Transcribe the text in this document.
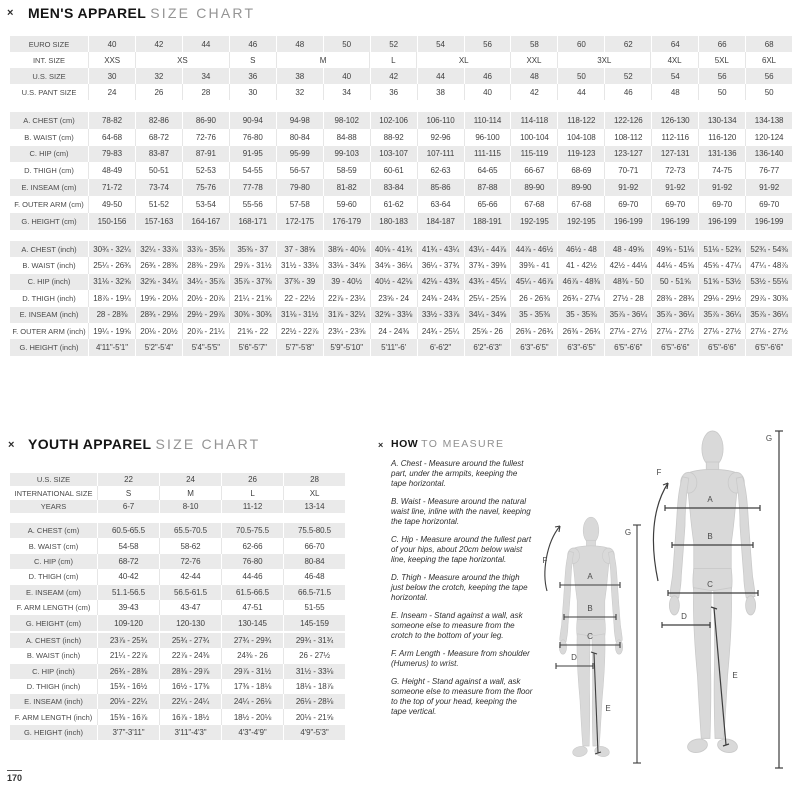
× MEN'S APPAREL SIZE CHART
EURO SIZE	40	42	44	46	48	50	52	54	56	58	60	62	64	66	68
INT. SIZE	XXS	XS	S	M	L	XL	XXL	3XL	4XL	5XL	6XL
U.S. SIZE	30	32	34	36	38	40	42	44	46	48	50	52	54	56	56
U.S. PANT SIZE	24	26	28	30	32	34	36	38	40	42	44	46	48	50	50
A. CHEST (cm)	78-82	82-86	86-90	90-94	94-98	98-102	102-106	106-110	110-114	114-118	118-122	122-126	126-130	130-134	134-138
B. WAIST (cm)	64-68	68-72	72-76	76-80	80-84	84-88	88-92	92-96	96-100	100-104	104-108	108-112	112-116	116-120	120-124
C. HIP (cm)	79-83	83-87	87-91	91-95	95-99	99-103	103-107	107-111	111-115	115-119	119-123	123-127	127-131	131-136	136-140
D. THIGH (cm)	48-49	50-51	52-53	54-55	56-57	58-59	60-61	62-63	64-65	66-67	68-69	70-71	72-73	74-75	76-77
E. INSEAM (cm)	71-72	73-74	75-76	77-78	79-80	81-82	83-84	85-86	87-88	89-90	89-90	91-92	91-92	91-92	91-92
F. OUTER ARM (cm)	49-50	51-52	53-54	55-56	57-58	59-60	61-62	63-64	65-66	67-68	67-68	69-70	69-70	69-70	69-70
G. HEIGHT (cm)	150-156	157-163	164-167	168-171	172-175	176-179	180-183	184-187	188-191	192-195	192-195	196-199	196-199	196-199	196-199
A. CHEST (inch)	30¾ - 32¼	32¼ - 33⅞	33⅞ - 35⅜	35⅜ - 37	37 - 38⅝	38⅝ - 40⅛	40⅛ - 41¾	41¾ - 43¼	43¼ - 44⅞	44⅞ - 46½	46½ - 48	48 - 49⅝	49⅝ - 51⅛	51⅛ - 52¾	52¾ - 54⅜
B. WAIST (inch)	25¼ - 26¾	26¾ - 28⅜	28⅜ - 29⅞	29⅞ - 31½	31½ - 33⅛	33⅛ - 34⅝	34⅝ - 36¼	36¼ - 37¾	37¾ - 39⅜	39⅜ - 41	41 - 42½	42½ - 44⅛	44⅛ - 45⅝	45⅝ - 47¼	47¼ - 48⅞
C. HIP (inch)	31⅛ - 32⅝	32⅝ - 34¼	34¼ - 35⅞	35⅞ - 37⅜	37⅜ - 39	39 - 40½	40½ - 42⅛	42⅛ - 43¾	43¾ - 45¼	45¼ - 46⅞	46⅞ - 48⅜	48⅜ - 50	50 - 51⅝	51⅝ - 53½	53½ - 55⅛
D. THIGH (inch)	18⅞ - 19¼	19⅝ - 20⅛	20½ - 20⅞	21¼ - 21⅝	22 - 22½	22⅞ - 23¼	23⅝ - 24	24⅜ - 24¾	25¼ - 25⅝	26 - 26⅜	26¾ - 27⅛	27½ - 28	28⅜ - 28¾	29⅛ - 29½	29⅞ - 30⅜
E. INSEAM (inch)	28 - 28⅜	28¾ - 29⅛	29½ - 29⅞	30⅜ - 30¾	31⅛ - 31½	31⅞ - 32¼	32⅝ - 33⅛	33½ - 33⅞	34¼ - 34⅝	35 - 35⅜	35 - 35⅜	35⅞ - 36¼	35⅞ - 36¼	35⅞ - 36¼	35⅞ - 36¼
F. OUTER ARM (inch) 19¼ - 19⅝	20⅛ - 20½	20⅞ - 21¼	21⅝ - 22	22½ - 22⅞	23¼ - 23⅝	24 - 24⅜	24¾ - 25¼	25⅝ - 26	26⅜ - 26¾	26⅜ - 26¾	27⅛ - 27½	27⅛ - 27½	27⅛ - 27½	27⅛ - 27½
G. HEIGHT (inch)	4'11"-5'1"	5'2"-5'4"	5'4"-5'5"	5'6"-5'7"	5'7"-5'8"	5'9"-5'10"	5'11"-6'	6'-6'2"	6'2"-6'3"	6'3"-6'5"	6'3"-6'5"	6'5"-6'6"	6'5"-6'6"	6'5"-6'6"	6'5"-6'6"
× YOUTH APPAREL SIZE CHART
U.S. SIZE	22	24	26	28
INTERNATIONAL SIZE	S	M	L	XL
YEARS	6-7	8-10	11-12	13-14
A. CHEST (cm)	60.5-65.5	65.5-70.5	70.5-75.5	75.5-80.5
B. WAIST (cm)	54-58	58-62	62-66	66-70
C. HIP (cm)	68-72	72-76	76-80	80-84
D. THIGH (cm)	40-42	42-44	44-46	46-48
E. INSEAM (cm)	51.1-56.5	56.5-61.5	61.5-66.5	66.5-71.5
F. ARM LENGTH (cm)	39-43	43-47	47-51	51-55
G. HEIGHT (cm)	109-120	120-130	130-145	145-159
A. CHEST (inch)	23⅞ - 25¾	25¾ - 27¾	27¾ - 29¾	29¾ - 31¾
B. WAIST (inch)	21¼ - 22⅞	22⅞ - 24⅜	24⅜ - 26	26 - 27½
C. HIP (inch)	26¾ - 28⅜	28⅜ - 29⅞	29⅞ - 31½	31½ - 33⅛
D. THIGH (inch)	15¾ - 16½	16½ - 17⅜	17⅜ - 18⅛	18⅛ - 18⅞
E. INSEAM (inch)	20⅛ - 22¼	22¼ - 24¼	24¼ - 26⅛	26⅛ - 28⅛
F. ARM LENGTH (inch)	15⅜ - 16⅞	16⅞ - 18½	18½ - 20⅛	20⅛ - 21⅝
G. HEIGHT (inch)	3'7"-3'11"	3'11"-4'3"	4'3"-4'9"	4'9"-5'3"
× HOW TO MEASURE

A. Chest - Measure around the fullest part, under the armpits, keeping the tape horizontal.

B. Waist - Measure around the natural waist line, inline with the navel, keeping the tape horizontal.

C. Hip - Measure around the fullest part of your hips, about 20cm below waist line, keeping the tape horizontal.

D. Thigh - Measure around the thigh just below the crotch, keeping the tape horizontal.

E. Inseam - Stand against a wall, ask someone else to measure from the crotch to the bottom of your leg.

F. Arm Length - Measure from shoulder (Humerus) to wrist.

G. Height - Stand against a wall, ask someone else to measure from the floor to the top of your head, keeping the tape vertical.

A
B
C
D
E
F
G
A
B
C
D
E
F
G
170
